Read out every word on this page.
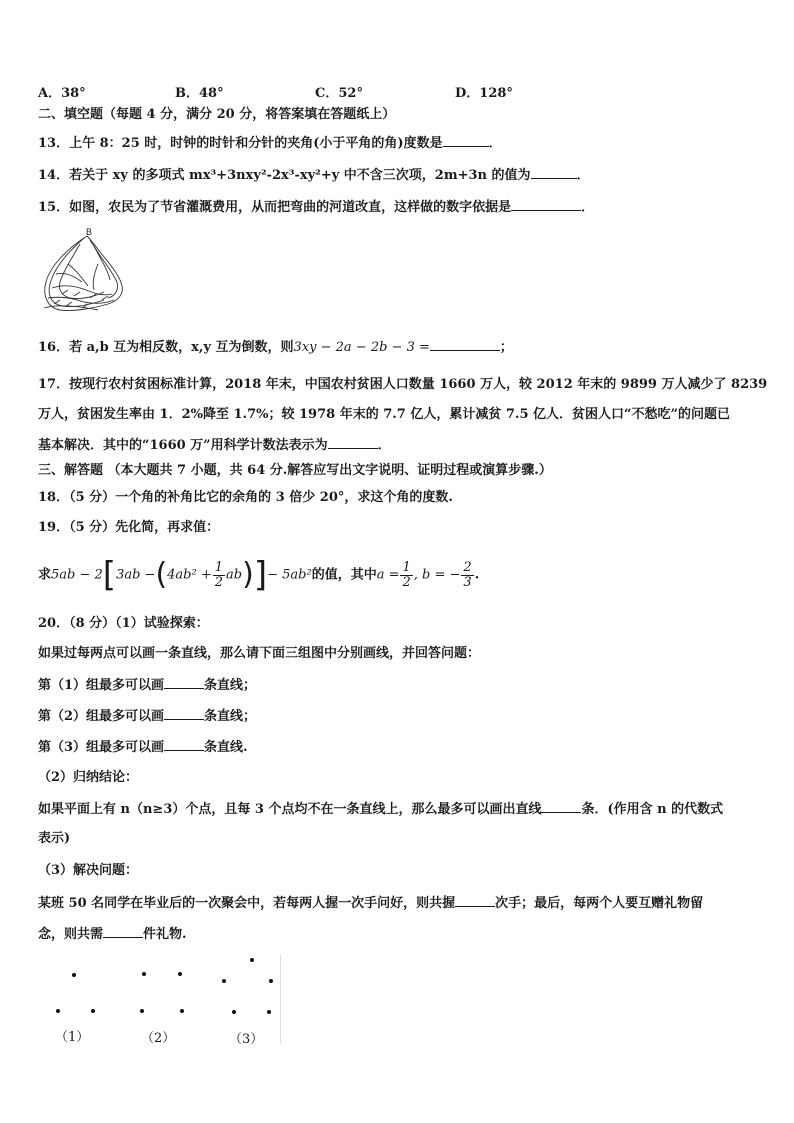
A．38°	B．48°	C．52°	D．128°
二、填空题（每题 4 分，满分 20 分，将答案填在答题纸上）
13．上午 8：25 时，时钟的时针和分针的夹角(小于平角的角)度数是	．
14．若关于 xy 的多项式 mx³+3nxy²-2x³-xy²+y 中不含三次项，2m+3n 的值为	．
15．如图，农民为了节省灌溉费用，从而把弯曲的河道改直，这样做的数字依据是	．
B
16．若 a,b 互为相反数，x,y 互为倒数，则3xy − 2a − 2b − 3 =	；
17．按现行农村贫困标准计算，2018 年末，中国农村贫困人口数量 1660 万人，较 2012 年末的 9899 万人减少了 8239
万人，贫困发生率由 1．2%降至 1.7%；较 1978 年末的 7.7 亿人，累计减贫 7.5 亿人．贫困人口“不愁吃”的问题已
基本解决．其中的“1660 万”用科学计数法表示为	．
三、解答题 （本大题共 7 小题，共 64 分.解答应写出文字说明、证明过程或演算步骤.）
18．（5 分）一个角的补角比它的余角的 3 倍少 20°，求这个角的度数.
19．（5 分）先化简，再求值：
求$5ab - 2[3ab -(4ab^2 + \frac{1}{2} ab)]- 5ab^2$的值，其中$a = \frac{1}{2}$ , b = − $\frac{2}{3}$ .
20．（8 分）（1）试验探索：
如果过每两点可以画一条直线，那么请下面三组图中分别画线，并回答问题：
第（1）组最多可以画	条直线；
第（2）组最多可以画	条直线；
第（3）组最多可以画	条直线.
（2）归纳结论：
如果平面上有 n（n≥3）个点，且每 3 个点均不在一条直线上，那么最多可以画出直线	条．(作用含 n 的代数式
表示)
（3）解决问题：
某班 50 名同学在毕业后的一次聚会中，若每两人握一次手问好，则共握	次手；最后，每两个人要互赠礼物留
念，则共需	件礼物.
（1）	（2）	（3）
